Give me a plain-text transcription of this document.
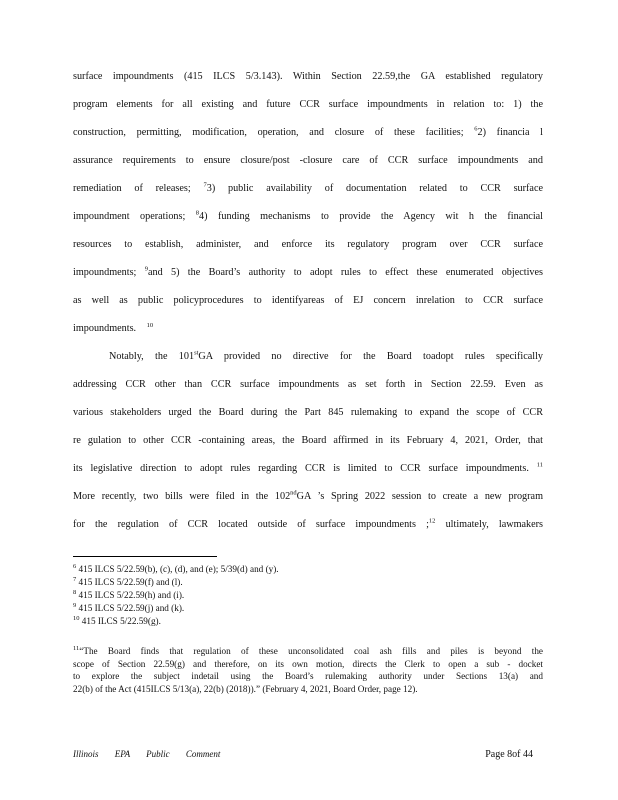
surface impoundments (415 ILCS 5/3.143). Within Section 22.59,the GA established regulatory
program elements for all existing and future CCR surface impoundments in relation to: 1) the
construction, permitting, modification, operation, and closure of these facilities; $^6$2) financia l
assurance requirements to ensure closure/post -closure care of CCR surface impoundments and
remediation of releases; $^7$3) public availability of documentation related to CCR surface
impoundment operations; $^8$4) funding mechanisms to provide the Agency wit h the financial
resources to establish, administer, and enforce its regulatory program over CCR surface
impoundments; $^9$and 5) the Board’s authority to adopt rules to effect these enumerated objectives
as well as public policyprocedures to identifyareas of EJ concern inrelation to CCR surface
impoundments. $^{10}$
Notably, the 101stGA provided no directive for the Board toadopt rules specifically
addressing CCR other than CCR surface impoundments as set forth in Section 22.59. Even as
various stakeholders urged the Board during the Part 845 rulemaking to expand the scope of CCR
re gulation to other CCR -containing areas, the Board affirmed in its February 4, 2021, Order, that
its legislative direction to adopt rules regarding CCR is limited to CCR surface impoundments. $^{11}$
More recently, two bills were filed in the 102ndGA ’s Spring 2022 session to create a new program
for the regulation of CCR located outside of surface impoundments ;$^{12}$ ultimately, lawmakers
$^6$ 415 ILCS 5/22.59(b), (c), (d), and (e); 5/39(d) and (y).
$^7$ 415 ILCS 5/22.59(f) and (l).
$^8$ 415 ILCS 5/22.59(h) and (i).
$^9$ 415 ILCS 5/22.59(j) and (k).
$^{10}$ 415 ILCS 5/22.59(g).
$^{11}$“The Board finds that regulation of these unconsolidated coal ash fills and piles is beyond the
scope of Section 22.59(g) and therefore, on its own motion, directs the Clerk to open a sub - docket
to explore the subject indetail using the Board’s rulemaking authority under Sections 13(a) and
22(b) of the Act (415ILCS 5/13(a), 22(b) (2018)).” (February 4, 2021, Board Order, page 12).
Illinois EPA Public Comment	Page 8of 44
